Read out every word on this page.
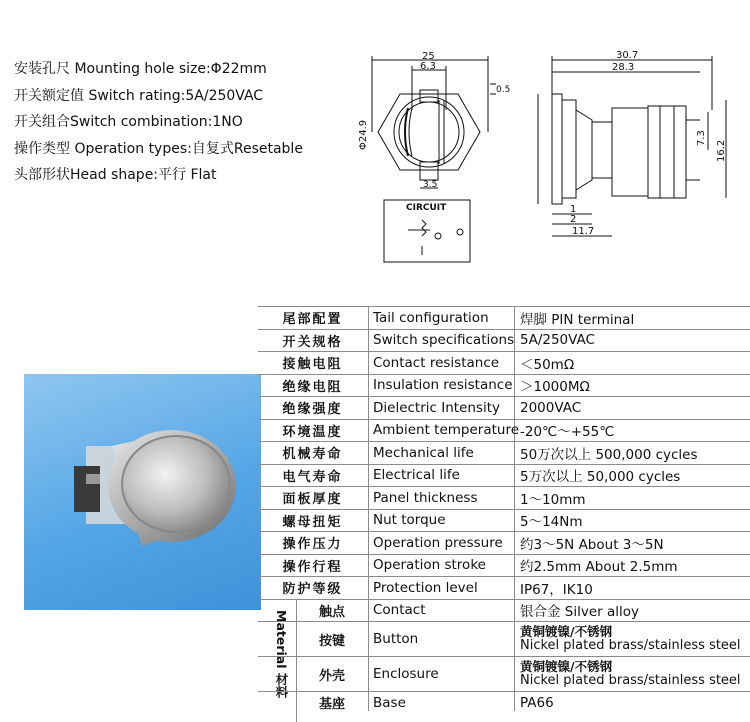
安装孔尺 Mounting hole size:Φ22mm
开关额定值 Switch rating:5A/250VAC
开关组合Switch combination:1NO
操作类型 Operation types:自复式Resetable
头部形状Head shape:平行 Flat
25
6.3
0.5
Φ24.9
3.5
CIRCUIT
30.7
28.3
7.3
16.2
1
2
11.7
尾部配置	Tail configuration	焊脚 PIN terminal
开关规格	Switch specifications 5A/250VAC
接触电阻	Contact resistance	＜50mΩ
绝缘电阻	Insulation resistance ＞1000MΩ
绝缘强度	Dielectric Intensity	2000VAC
环境温度	Ambient temperature -20℃～+55℃
机械寿命	Mechanical life	50万次以上 500,000 cycles
电气寿命	Electrical life	5万次以上 50,000 cycles
面板厚度	Panel thickness	1～10mm
螺母扭矩	Nut torque	5～14Nm
操作压力	Operation pressure	约3～5N About 3～5N
操作行程	Operation stroke	约2.5mm About 2.5mm
防护等级	Protection level	IP67，IK10
Material 材料	触点	Contact	银合金 Silver alloy
按键	Button	黄铜镀镍/不锈钢
Nickel plated brass/stainless steel
外壳	Enclosure	黄铜镀镍/不锈钢
Nickel plated brass/stainless steel
基座	Base	PA66
